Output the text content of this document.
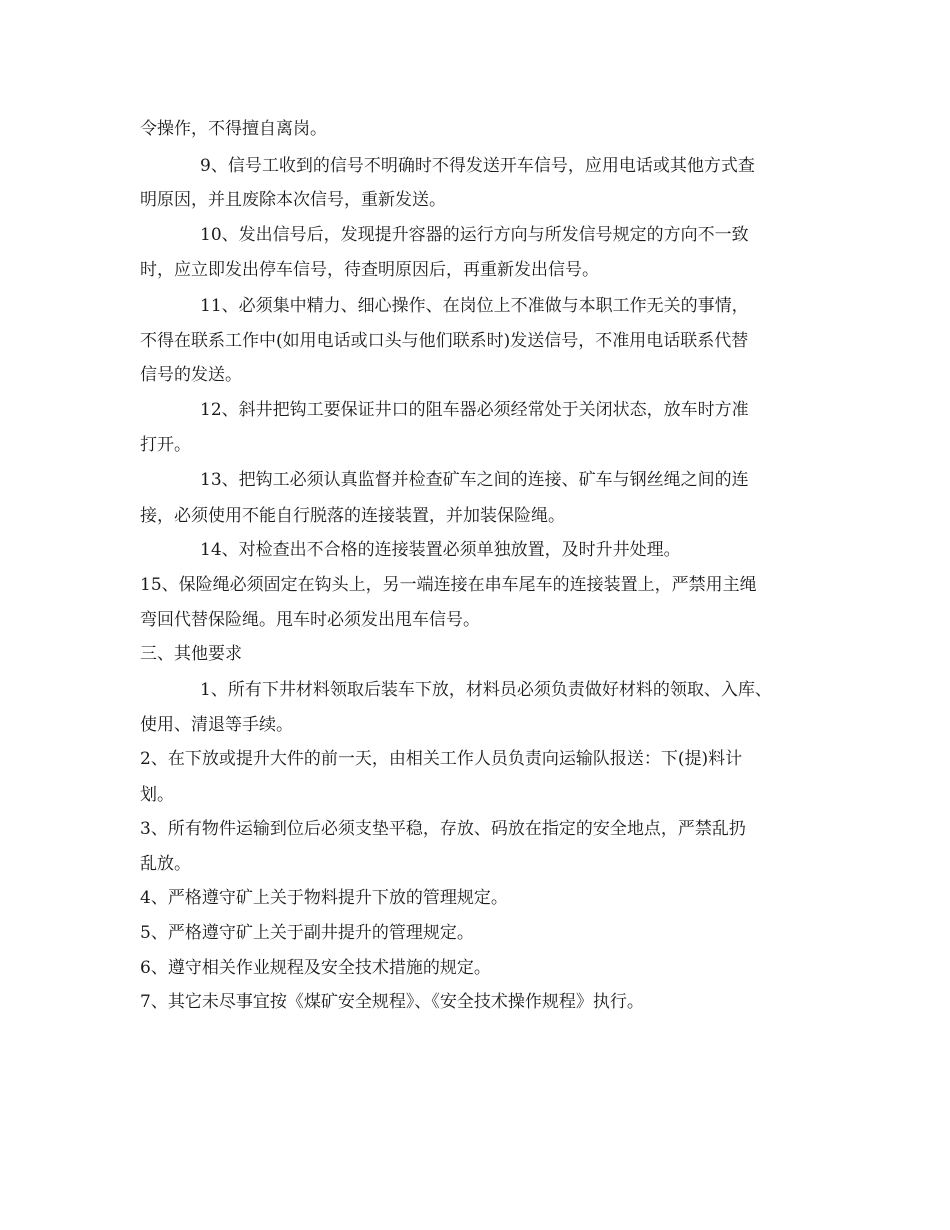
令操作，不得擅自离岗。
9、信号工收到的信号不明确时不得发送开车信号，应用电话或其他方式查
明原因，并且废除本次信号，重新发送。
10、发出信号后，发现提升容器的运行方向与所发信号规定的方向不一致
时，应立即发出停车信号，待查明原因后，再重新发出信号。
11、必须集中精力、细心操作、在岗位上不准做与本职工作无关的事情，
不得在联系工作中(如用电话或口头与他们联系时)发送信号，不准用电话联系代替
信号的发送。
12、斜井把钩工要保证井口的阻车器必须经常处于关闭状态，放车时方准
打开。
13、把钩工必须认真监督并检查矿车之间的连接、矿车与钢丝绳之间的连
接，必须使用不能自行脱落的连接装置，并加装保险绳。
14、对检查出不合格的连接装置必须单独放置，及时升井处理。
15、保险绳必须固定在钩头上，另一端连接在串车尾车的连接装置上，严禁用主绳
弯回代替保险绳。甩车时必须发出甩车信号。
三、其他要求
1、所有下井材料领取后装车下放，材料员必须负责做好材料的领取、入库、
使用、清退等手续。
2、在下放或提升大件的前一天，由相关工作人员负责向运输队报送：下(提)料计
划。
3、所有物件运输到位后必须支垫平稳，存放、码放在指定的安全地点，严禁乱扔
乱放。
4、严格遵守矿上关于物料提升下放的管理规定。
5、严格遵守矿上关于副井提升的管理规定。
6、遵守相关作业规程及安全技术措施的规定。
7、其它未尽事宜按《煤矿安全规程》、《安全技术操作规程》执行。
